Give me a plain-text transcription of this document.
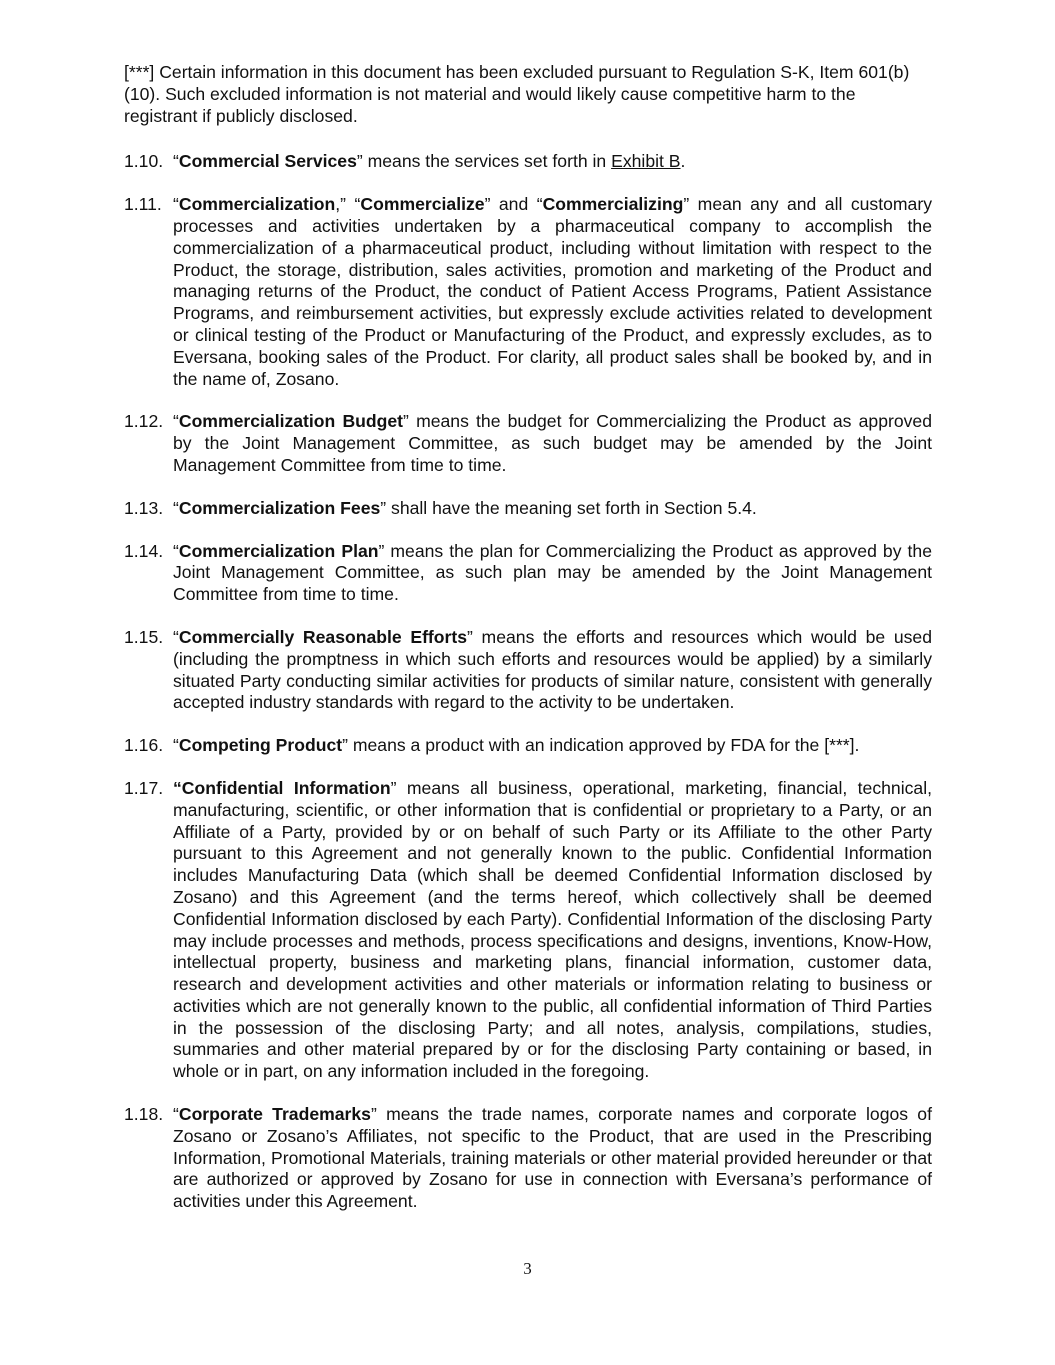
[***] Certain information in this document has been excluded pursuant to Regulation S-K, Item 601(b)(10). Such excluded information is not material and would likely cause competitive harm to the registrant if publicly disclosed.

1.10. “Commercial Services” means the services set forth in Exhibit B.

1.11. “Commercialization,” “Commercialize” and “Commercializing” mean any and all customary processes and activities undertaken by a pharmaceutical company to accomplish the commercialization of a pharmaceutical product, including without limitation with respect to the Product, the storage, distribution, sales activities, promotion and marketing of the Product and managing returns of the Product, the conduct of Patient Access Programs, Patient Assistance Programs, and reimbursement activities, but expressly exclude activities related to development or clinical testing of the Product or Manufacturing of the Product, and expressly excludes, as to Eversana, booking sales of the Product. For clarity, all product sales shall be booked by, and in the name of, Zosano.

1.12. “Commercialization Budget” means the budget for Commercializing the Product as approved by the Joint Management Committee, as such budget may be amended by the Joint Management Committee from time to time.

1.13. “Commercialization Fees” shall have the meaning set forth in Section 5.4.

1.14. “Commercialization Plan” means the plan for Commercializing the Product as approved by the Joint Management Committee, as such plan may be amended by the Joint Management Committee from time to time.

1.15. “Commercially Reasonable Efforts” means the efforts and resources which would be used (including the promptness in which such efforts and resources would be applied) by a similarly situated Party conducting similar activities for products of similar nature, consistent with generally accepted industry standards with regard to the activity to be undertaken.

1.16. “Competing Product” means a product with an indication approved by FDA for the [***].

1.17. “Confidential Information” means all business, operational, marketing, financial, technical, manufacturing, scientific, or other information that is confidential or proprietary to a Party, or an Affiliate of a Party, provided by or on behalf of such Party or its Affiliate to the other Party pursuant to this Agreement and not generally known to the public. Confidential Information includes Manufacturing Data (which shall be deemed Confidential Information disclosed by Zosano) and this Agreement (and the terms hereof, which collectively shall be deemed Confidential Information disclosed by each Party). Confidential Information of the disclosing Party may include processes and methods, process specifications and designs, inventions, Know-How, intellectual property, business and marketing plans, financial information, customer data, research and development activities and other materials or information relating to business or activities which are not generally known to the public, all confidential information of Third Parties in the possession of the disclosing Party; and all notes, analysis, compilations, studies, summaries and other material prepared by or for the disclosing Party containing or based, in whole or in part, on any information included in the foregoing.

1.18. “Corporate Trademarks” means the trade names, corporate names and corporate logos of Zosano or Zosano’s Affiliates, not specific to the Product, that are used in the Prescribing Information, Promotional Materials, training materials or other material provided hereunder or that are authorized or approved by Zosano for use in connection with Eversana’s performance of activities under this Agreement.

3
